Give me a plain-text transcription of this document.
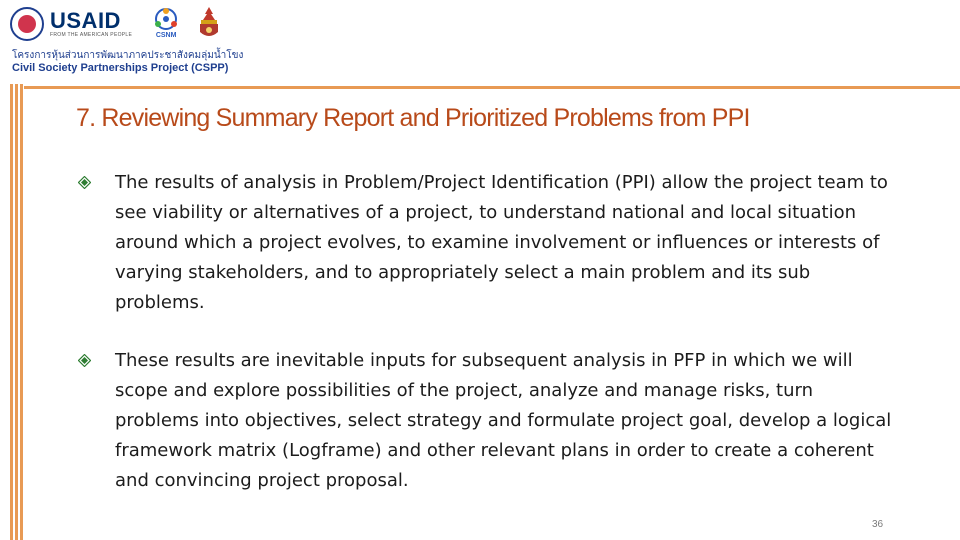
USAID
FROM THE AMERICAN PEOPLE	CSNM
โครงการหุ้นส่วนการพัฒนาภาคประชาสังคมลุ่มน้ำโขง
Civil Society Partnerships Project (CSPP)
7. Reviewing Summary Report and Prioritized Problems from PPI
The results of analysis in Problem/Project Identification (PPI) allow the project team to see viability or alternatives of a project, to understand national and local situation around which a project evolves, to examine involvement or influences or interests of varying stakeholders, and to appropriately select a main problem and its sub problems.
These results are inevitable inputs for subsequent analysis in PFP in which we will scope and explore possibilities of the project, analyze and manage risks, turn problems into objectives, select strategy and formulate project goal, develop a logical framework matrix (Logframe) and other relevant plans in order to create a coherent and convincing project proposal.
36
